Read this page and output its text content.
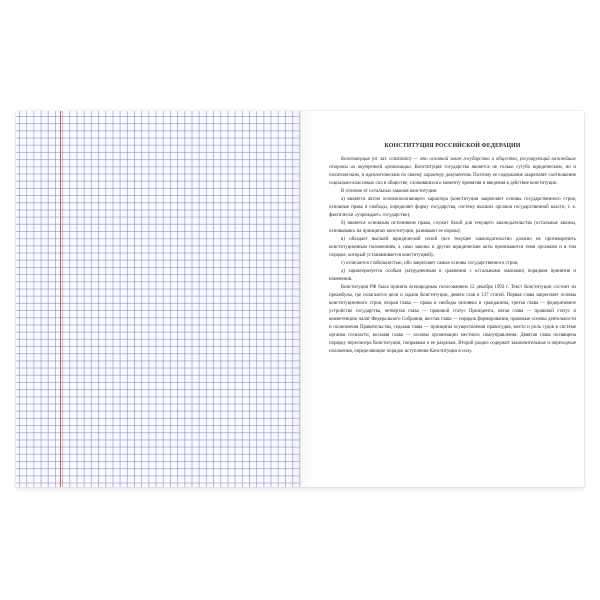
КОНСТИТУЦИЯ РОССИЙСКОЙ ФЕДЕРАЦИИ

Конституция (от лат. constitutio) — это основной закон государства и общества, регулирующий важнейшие стороны их внутренней организации. Конституция государства является не только сугубо юридическим, но и политическим, и идеологическим по своему характеру документом. Поэтому ее содержание закрепляет соотношение социально-классовых сил в обществе, сложившихся к моменту принятия и введения в действие конституции.

В отличие от остальных законов конституция:

а) является актом основополагающего характера (конституция закрепляет основы государственного строя, основные права и свободы, определяет форму государства, систему высших органов государственной власти, т. е. фактически «учреждает» государство);

б) является основным источником права, служит базой для текущего законодательства (остальные законы, основываясь на принципах конституции, развивают ее нормы);

в) обладает высшей юридической силой (все текущее законодательство должно не противоречить конституционным положениям, а сами законы и другие юридические акты принимаются теми органами и в том порядке, который устанавливается конституцией);

г) отличается стабильностью, ибо закрепляет самые основы государственного строя;

д) характеризуется особым (затрудненным в сравнении с остальными законами) порядком принятия и изменения.

Конституция РФ была принята всенародным голосованием 12 декабря 1993 г. Текст Конституции состоит из преамбулы, где излагаются цели и задачи Конституции, девяти глав и 137 статей. Первая глава закрепляет основы конституционного строя, вторая глава — права и свободы человека и гражданина, третья глава — федеративное устройство государства, четвертая глава — правовой статус Президента, пятая глава — правовой статус и компетенцию палат Федерального Собрания, шестая глава — порядок формирования, правовые основы деятельности и полномочия Правительства, седьмая глава — принципы осуществления правосудия, место и роль судов в системе органов госвласти, восьмая глава — основы организации местного самоуправления. Девятая глава посвящена порядку пересмотра Конституции, поправкам к ее разделам. Второй раздел содержит заключительные и переходные положения, определяющие порядок вступления Конституции в силу.
